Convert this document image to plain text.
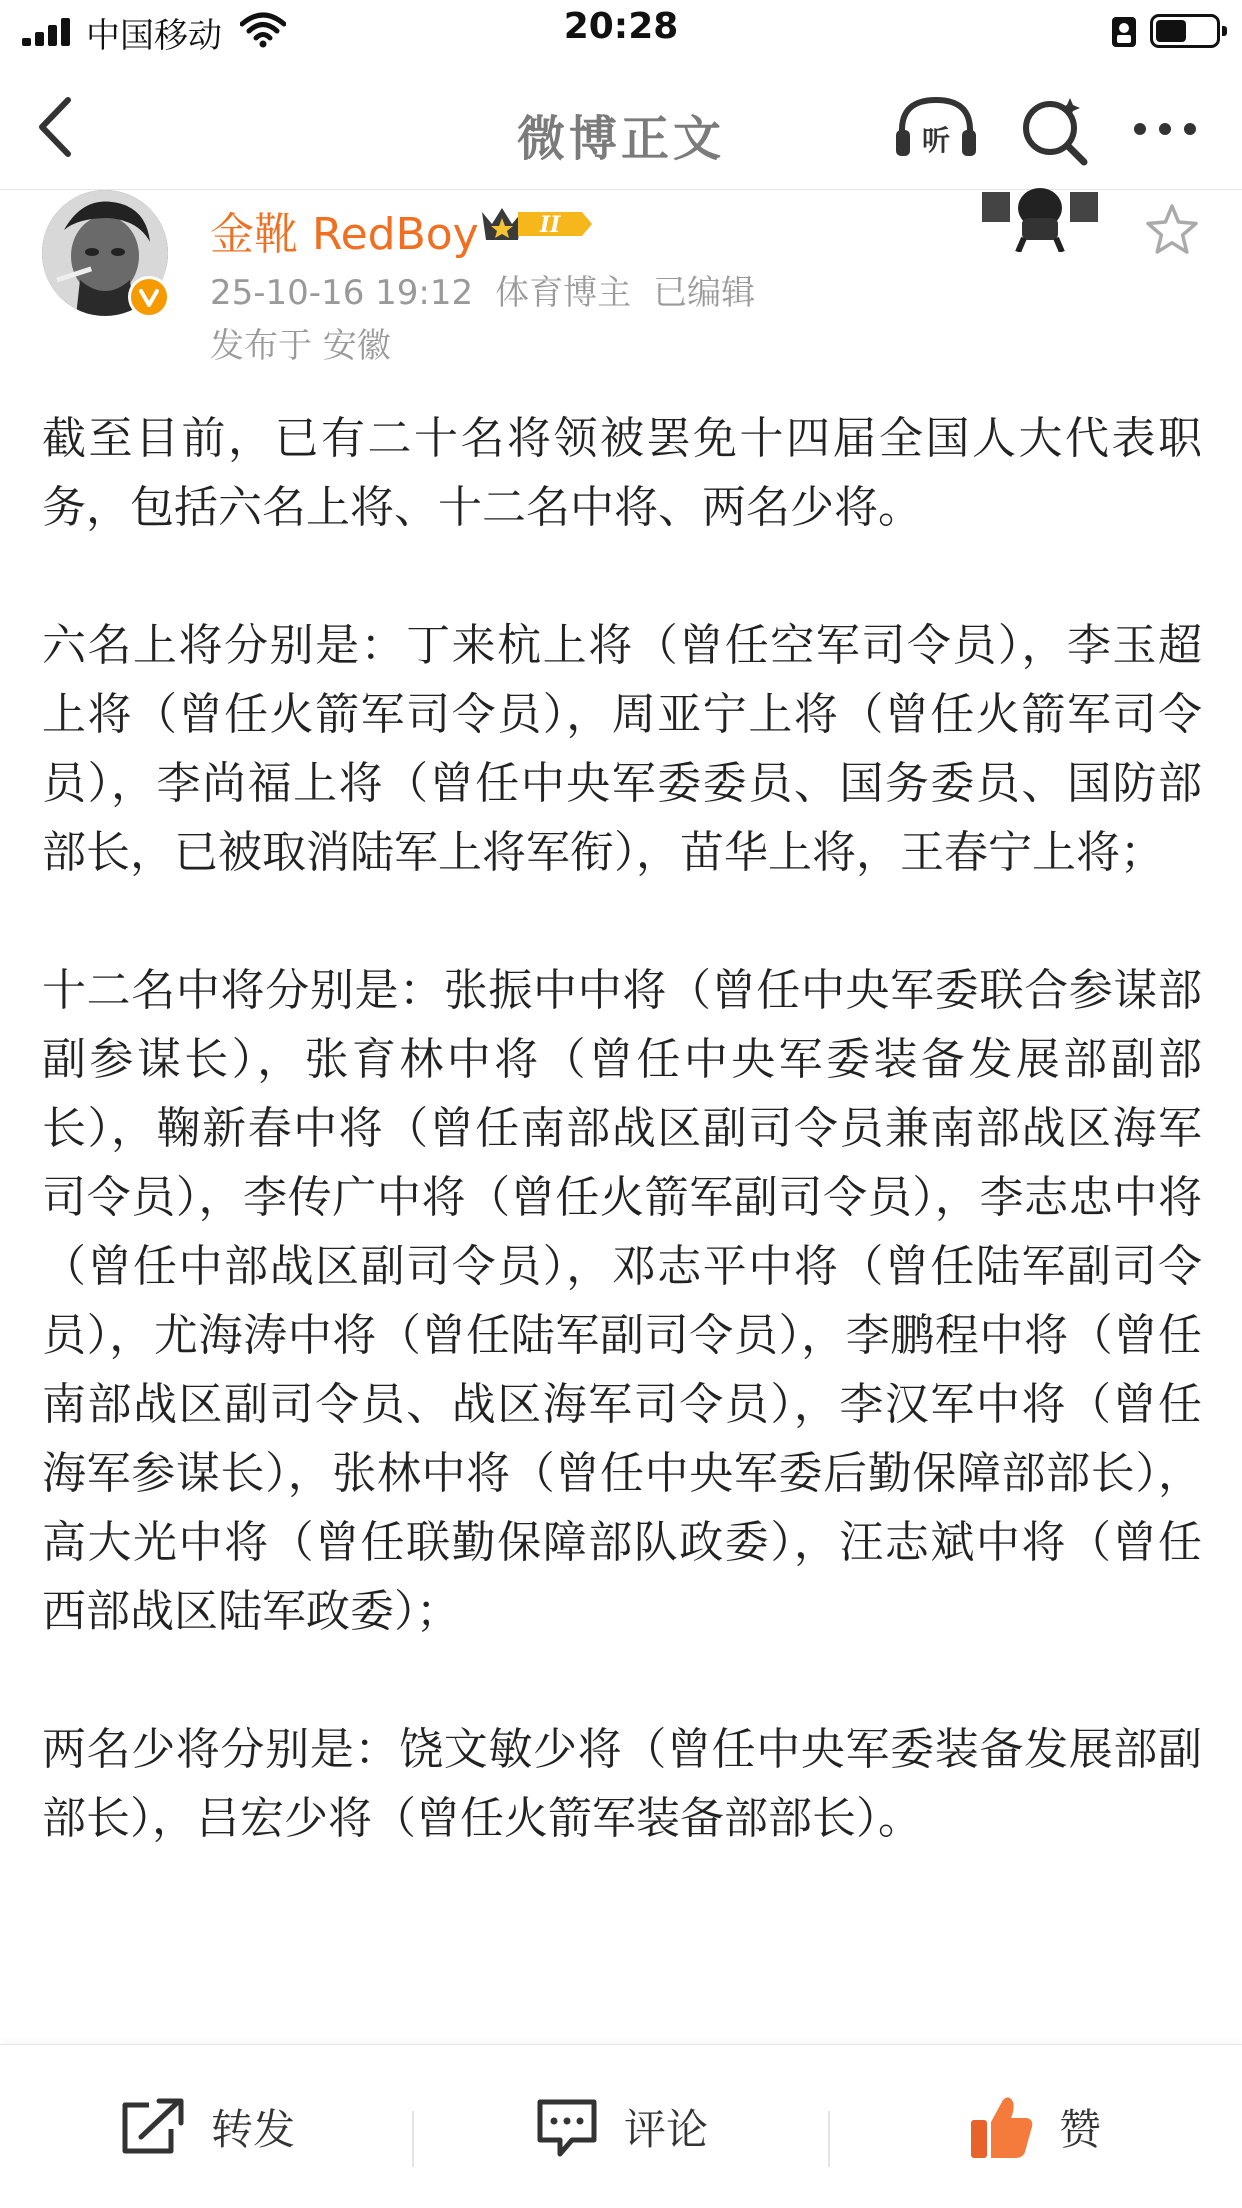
中国移动	20:28
微博正文	听
金靴 RedBoy	II
25-10-16 19:12 体育博主 已编辑
发布于 安徽

截至目前，已有二十名将领被罢免十四届全国人大代表职务，包括六名上将、十二名中将、两名少将。

六名上将分别是：丁来杭上将（曾任空军司令员），李玉超上将（曾任火箭军司令员），周亚宁上将（曾任火箭军司令员），李尚福上将（曾任中央军委委员、国务委员、国防部部长，已被取消陆军上将军衔），苗华上将，王春宁上将；

十二名中将分别是：张振中中将（曾任中央军委联合参谋部副参谋长），张育林中将（曾任中央军委装备发展部副部长），鞠新春中将（曾任南部战区副司令员兼南部战区海军司令员），李传广中将（曾任火箭军副司令员），李志忠中将（曾任中部战区副司令员），邓志平中将（曾任陆军副司令员），尤海涛中将（曾任陆军副司令员），李鹏程中将（曾任南部战区副司令员、战区海军司令员），李汉军中将（曾任海军参谋长），张林中将（曾任中央军委后勤保障部部长），高大光中将（曾任联勤保障部队政委），汪志斌中将（曾任西部战区陆军政委）；

两名少将分别是：饶文敏少将（曾任中央军委装备发展部副部长），吕宏少将（曾任火箭军装备部部长）。

转发	评论	赞
